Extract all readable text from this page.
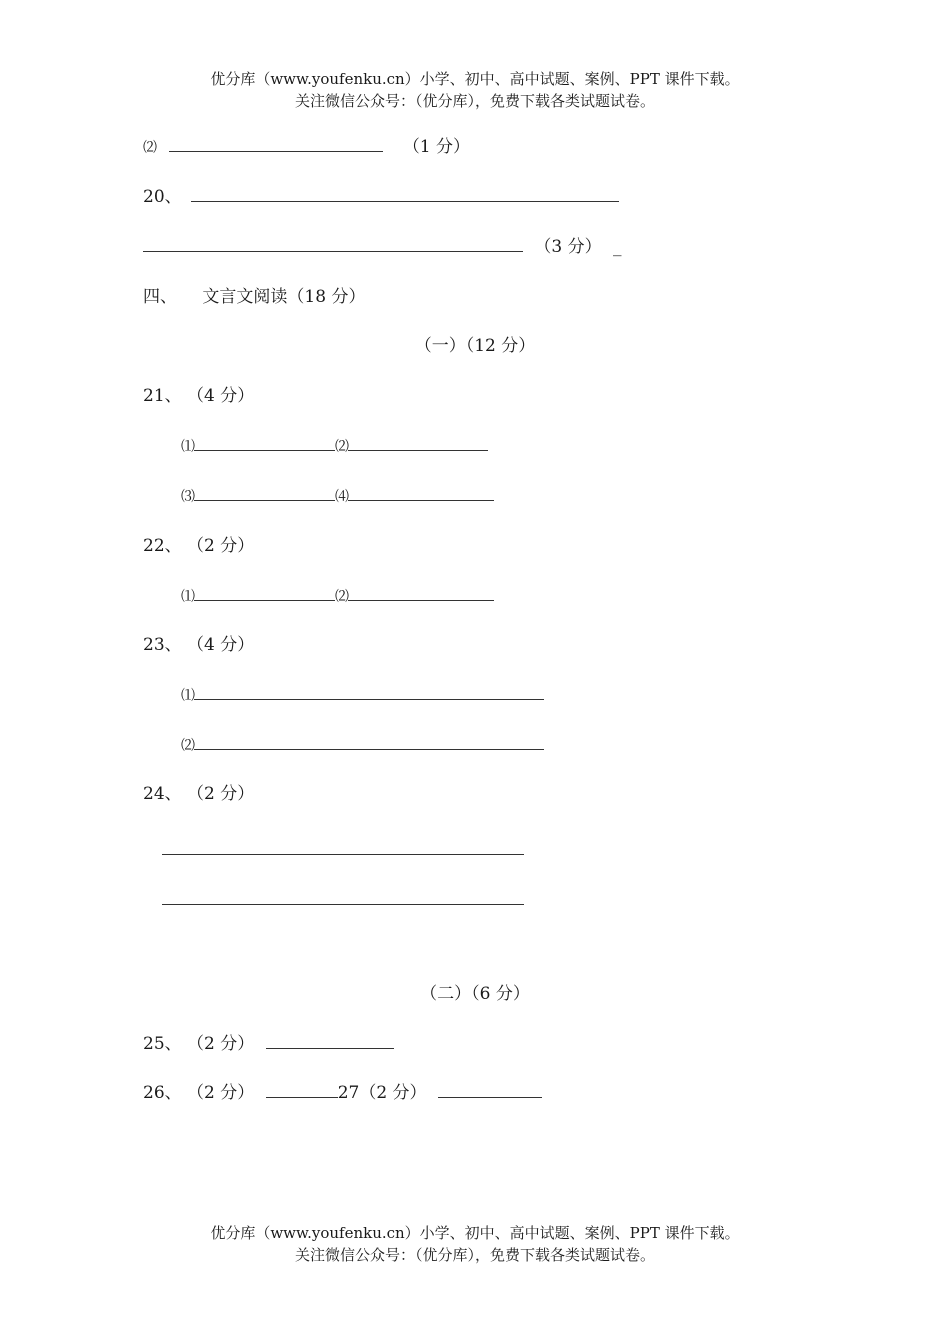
优分库（www.youfenku.cn）小学、初中、高中试题、案例、PPT 课件下载。
关注微信公众号：（优分库），免费下载各类试题试卷。
⑵	（1 分）
20、
（3 分） _
四、 文言文阅读（18 分）
（一）（12 分）
21、 （4 分）
⑴	⑵
⑶	⑷
22、 （2 分）
⑴	⑵
23、 （4 分）
⑴
⑵
24、 （2 分）
（二）（6 分）
25、 （2 分）
26、 （2 分）	27（2 分）
优分库（www.youfenku.cn）小学、初中、高中试题、案例、PPT 课件下载。
关注微信公众号：（优分库），免费下载各类试题试卷。
